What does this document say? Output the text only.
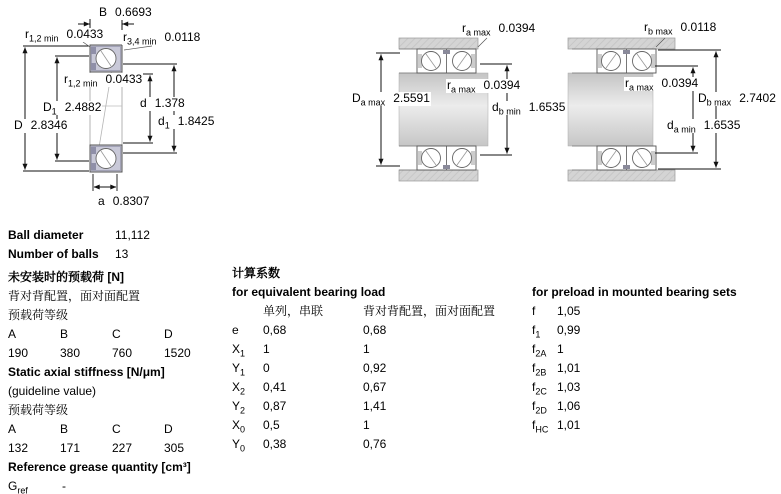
B 0.6693
$r_{1,2 min}$ 0.0433 $r_{3,4 min}$ 0.0118
$r_{1,2 min}$ 0.0433
$D_1$ 2.4882	d 1.378
D 2.8346	$d_1$ 1.8425
a 0.8307
$r_{a max}$ 0.0394
$D_{a max}$ 2.5591
$r_{a max}$ 0.0394
$d_{b min}$ 1.6535
$r_{b max}$ 0.0118
$r_{a max}$ 0.0394
$D_{b max}$ 2.7402
$d_{a min}$ 1.6535
Ball diameter	11,112
Number of balls 13
未安装时的预载荷 [N]
背对背配置，面对面配置
预载荷等级
A	B	C	D
190	380	760	1520
Static axial stiffness [N/μm]
(guideline value)
预载荷等级
A	B	C	D
132	171	227	305
Reference grease quantity [cm³]
$G_{ref}$	-
计算系数
for equivalent bearing load
单列，串联	背对背配置，面对面配置
e 0,68	0,68
$X_1$ 1	1
$Y_1$ 0	0,92
$X_2$ 0,41	0,67
$Y_2$ 0,87	1,41
$X_0$ 0,5	1
$Y_0$ 0,38	0,76
for preload in mounted bearing sets
f 1,05
$f_1$ 0,99
$f_{2A}$ 1
$f_{2B}$ 1,01
$f_{2C}$ 1,03
$f_{2D}$ 1,06
$f_{HC}$ 1,01
